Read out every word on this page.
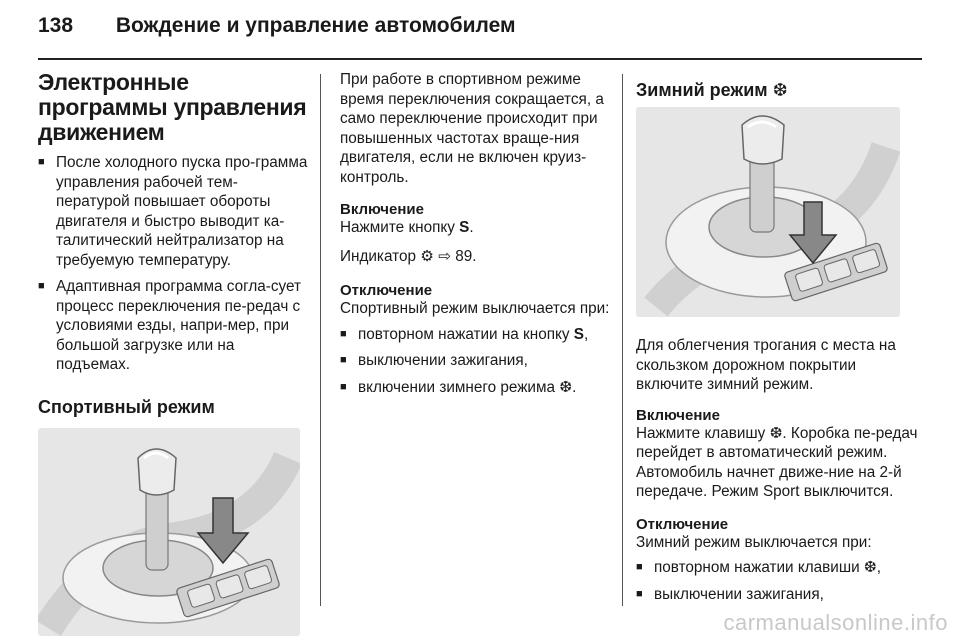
138 Вождение и управление автомобилем
Электронные программы управления движением
■ После холодного пуска про-грамма управления рабочей тем-пературой повышает обороты двигателя и быстро выводит ка-талитический нейтрализатор на требуемую температуру.
■ Адаптивная программа согла-сует процесс переключения пе-редач с условиями езды, напри-мер, при большой загрузке или на подъемах.
Спортивный режим

При работе в спортивном режиме время переключения сокращается, а само переключение происходит при повышенных частотах враще-ния двигателя, если не включен круиз-контроль.

Включение

Нажмите кнопку S.

Индикатор ⚙ ⇨ 89.

Отключение

Спортивный режим выключается при:

■ повторном нажатии на кнопку S,
■ выключении зажигания,
■ включении зимнего режима ❆.
Зимний режим ❆

Для облегчения трогания с места на скользком дорожном покрытии включите зимний режим.

Включение

Нажмите клавишу ❆. Коробка пе-редач перейдет в автоматический режим. Автомобиль начнет движе-ние на 2-й передаче. Режим Sport выключится.

Отключение

Зимний режим выключается при:

■ повторном нажатии клавиши ❆,
■ выключении зажигания,
carmanualsonline.info
